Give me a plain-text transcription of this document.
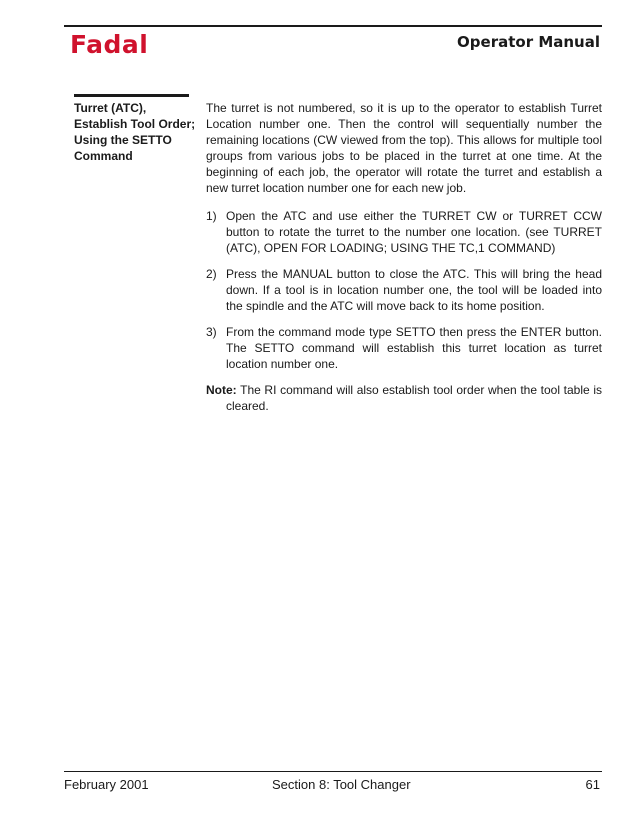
Fadal	Operator Manual
Turret (ATC),
Establish Tool Order;
Using the SETTO
Command

The turret is not numbered, so it is up to the operator to establish Turret Location number one. Then the control will sequentially number the remaining locations (CW viewed from the top). This allows for multiple tool groups from various jobs to be placed in the turret at one time. At the beginning of each job, the operator will rotate the turret and establish a new turret location number one for each new job.

1) Open the ATC and use either the TURRET CW or TURRET CCW button to rotate the turret to the number one location. (see TURRET (ATC), OPEN FOR LOADING; USING THE TC,1 COMMAND)
2) Press the MANUAL button to close the ATC. This will bring the head down. If a tool is in location number one, the tool will be loaded into the spindle and the ATC will move back to its home position.
3) From the command mode type SETTO then press the ENTER button. The SETTO command will establish this turret location as turret location number one.

Note: The RI command will also establish tool order when the tool table is cleared.

February 2001	Section 8: Tool Changer	61
